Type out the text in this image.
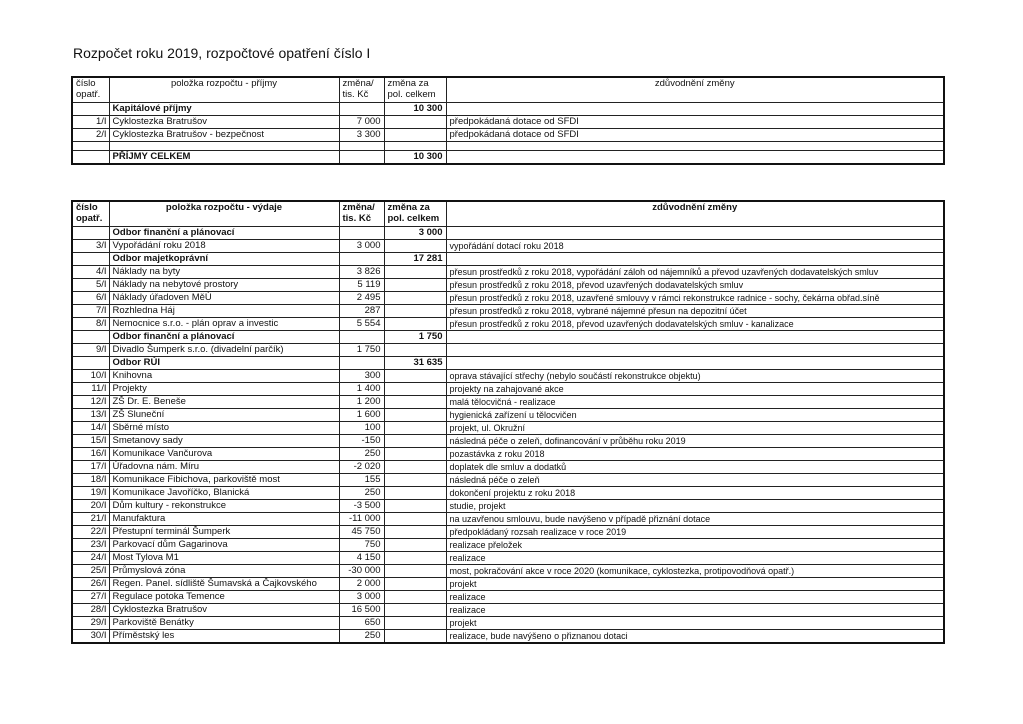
Rozpočet roku 2019, rozpočtové opatření číslo I
číslo opatř.	položka rozpočtu - příjmy	změna/ tis. Kč	změna za pol. celkem	zdůvodnění změny
	Kapitálové příjmy		10 300	
1/I	Cyklostezka Bratrušov	7 000		předpokádaná dotace od SFDI
2/I	Cyklostezka Bratrušov - bezpečnost	3 300		předpokádaná dotace od SFDI

	PŘÍJMY CELKEM		10 300	
číslo opatř.	položka rozpočtu - výdaje	změna/ tis. Kč	změna za pol. celkem	zdůvodnění změny
	Odbor finanční a plánovací		3 000	
3/I	Vypořádání roku 2018	3 000		vypořádání dotací roku 2018
	Odbor majetkoprávní		17 281	
4/I	Náklady na byty	3 826		přesun prostředků z roku 2018, vypořádání záloh od nájemníků a převod uzavřených dodavatelských smluv
5/I	Náklady na nebytové prostory	5 119		přesun prostředků z roku 2018, převod uzavřených dodavatelských smluv
6/I	Náklady úřadoven MěÚ	2 495		přesun prostředků z roku 2018, uzavřené smlouvy v rámci rekonstrukce radnice - sochy, čekárna obřad.síně
7/I	Rozhledna Háj	287		přesun prostředků z roku 2018, vybrané nájemné přesun na depozitní účet
8/I	Nemocnice s.r.o. - plán oprav a investic	5 554		přesun prostředků z roku 2018, převod uzavřených dodavatelských smluv - kanalizace
	Odbor finanční a plánovací		1 750	
9/I	Divadlo Šumperk s.r.o. (divadelní parčík)	1 750		
	Odbor RÚI		31 635	
10/I	Knihovna	300		oprava stávající střechy (nebylo součástí rekonstrukce objektu)
11/I	Projekty	1 400		projekty na zahajované akce
12/I	ZŠ Dr. E. Beneše	1 200		malá tělocvičná - realizace
13/I	ZŠ Sluneční	1 600		hygienická zařízení u tělocvičen
14/I	Sběrné místo	100		projekt, ul. Okružní
15/I	Smetanovy sady	-150		následná péče o zeleň, dofinancování v průběhu roku 2019
16/I	Komunikace Vančurova	250		pozastávka z roku 2018
17/I	Úřadovna nám. Míru	-2 020		doplatek dle smluv a dodatků
18/I	Komunikace Fibichova, parkoviště most	155		následná péče o zeleň
19/I	Komunikace Javoříčko, Blanická	250		dokončení projektu z roku 2018
20/I	Dům kultury - rekonstrukce	-3 500		studie, projekt
21/I	Manufaktura	-11 000		na uzavřenou smlouvu, bude navýšeno v případě přiznání dotace
22/I	Přestupní terminál Šumperk	45 750		předpokládaný rozsah realizace v roce 2019
23/I	Parkovací dům Gagarinova	750		realizace přeložek
24/I	Most Tylova M1	4 150		realizace
25/I	Průmyslová zóna	-30 000		most, pokračování akce v roce 2020 (komunikace, cyklostezka, protipovodňová opatř.)
26/I	Regen. Panel. sídliště Šumavská a Čajkovského	2 000		projekt
27/I	Regulace potoka Temence	3 000		realizace
28/I	Cyklostezka Bratrušov	16 500		realizace
29/I	Parkoviště Benátky	650		projekt
30/I	Příměstský les	250		realizace, bude navýšeno o přiznanou dotaci
